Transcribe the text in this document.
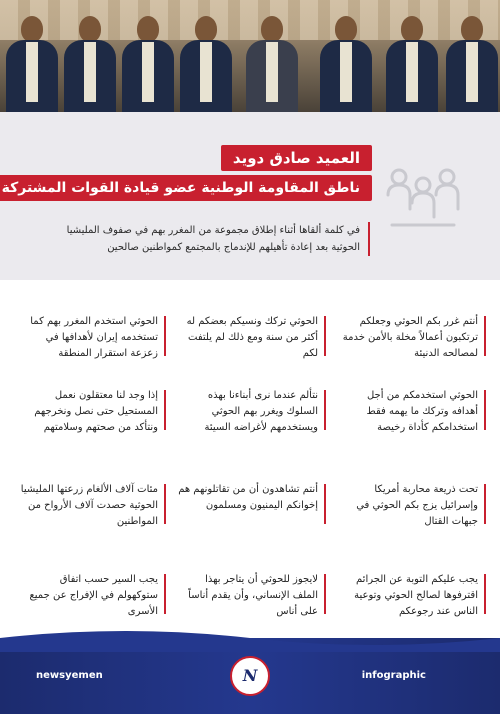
العميد صادق دويد
ناطق المقاومة الوطنية عضو قيادة القوات المشتركة
في كلمة ألقاها أثناء إطلاق مجموعة من المغرر بهم في صفوف المليشيا الحوثية بعد إعادة تأهيلهم للإندماج بالمجتمع كمواطنين صالحين
أنتم غرر بكم الحوثي وجعلكم ترتكبون أعمالاً مخلة بالأمن خدمة لمصالحه الدنيئة
الحوثي تركك ونسيكم بعضكم له أكثر من سنة ومع ذلك لم يلتفت لكم
الحوثي استخدم المغرر بهم كما تستخدمه إيران لأهدافها في زعزعة استقرار المنطقة
الحوثي استخدمكم من أجل أهدافه وتركك ما يهمه فقط استخدامكم كأداة رخيصة
نتألم عندما نرى أبناءنا بهذه السلوك ويغرر بهم الحوثي ويستخدمهم لأغراضه السيئة
إذا وجد لنا معتقلون نعمل المستحيل حتى نصل ونخرجهم ونتأكد من صحتهم وسلامتهم
تحت ذريعة محاربة أمريكا وإسرائيل يزج بكم الحوثي في جبهات القتال
أنتم تشاهدون أن من تقاتلونهم هم إخوانكم اليمنيون ومسلمون
مئات آلاف الألغام زرعتها المليشيا الحوثية حصدت آلاف الأرواح من المواطنين
يجب عليكم التوبة عن الجرائم اقترفوها لصالح الحوثي وتوعية الناس عند رجوعكم
لايجوز للحوثي أن يتاجر بهذا الملف الإنساني، وأن يقدم أناساً على أناس
يجب السير حسب اتفاق ستوكهولم في الإفراج عن جميع الأسرى
newsyemen	N	infographic
